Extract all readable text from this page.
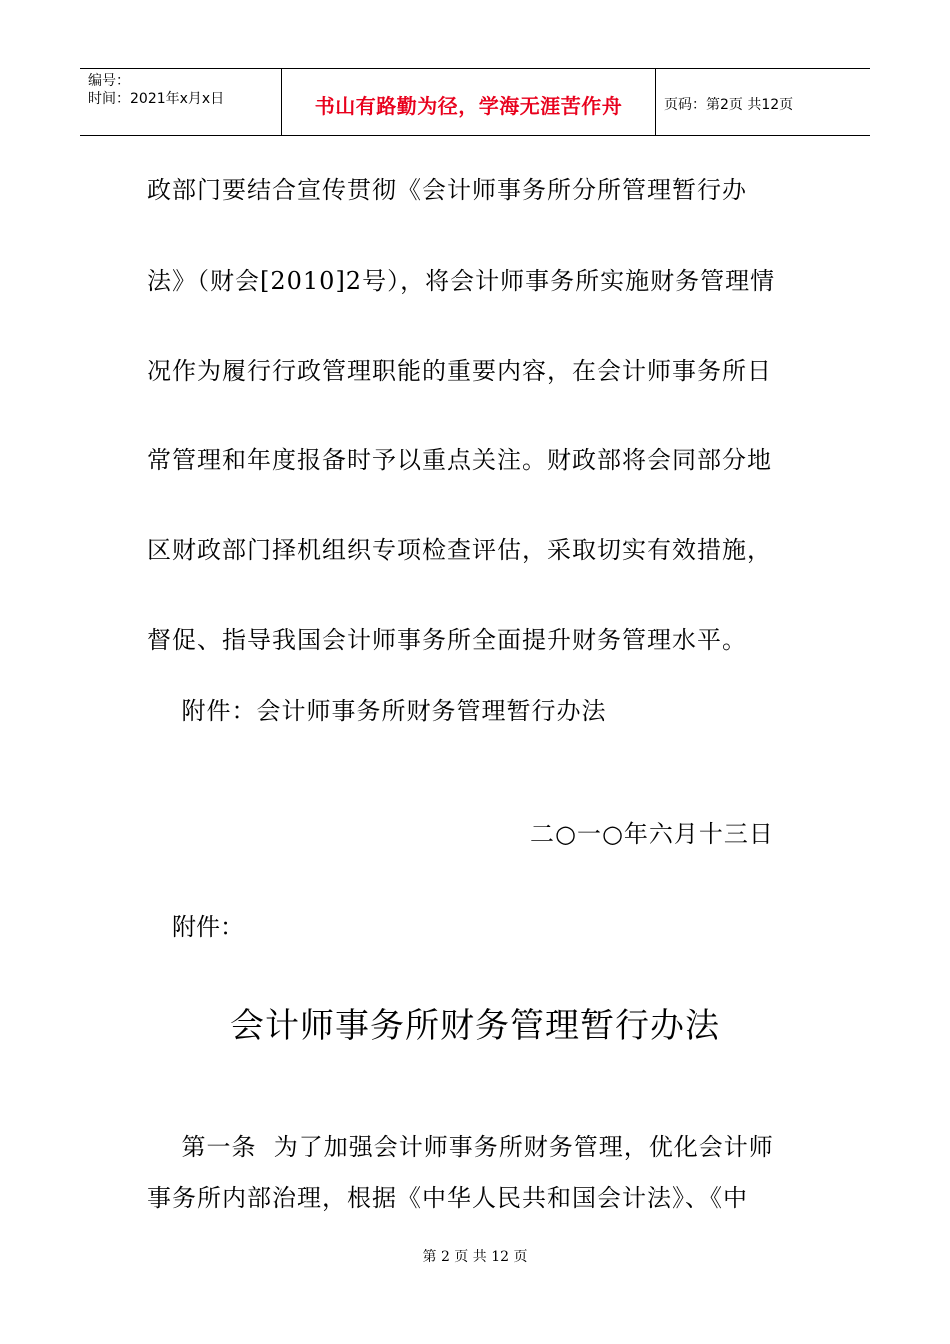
编号：
时间：2021年x月x日	书山有路勤为径，学海无涯苦作舟	页码：第2页 共12页
政部门要结合宣传贯彻《会计师事务所分所管理暂行办
法》（财会[2010]2号），将会计师事务所实施财务管理情
况作为履行行政管理职能的重要内容，在会计师事务所日
常管理和年度报备时予以重点关注。财政部将会同部分地
区财政部门择机组织专项检查评估，采取切实有效措施，
督促、指导我国会计师事务所全面提升财务管理水平。
附件：会计师事务所财务管理暂行办法
二○一○年六月十三日
附件：
会计师事务所财务管理暂行办法
第一条  为了加强会计师事务所财务管理，优化会计师
事务所内部治理，根据《中华人民共和国会计法》、《中
第 2 页 共 12 页
